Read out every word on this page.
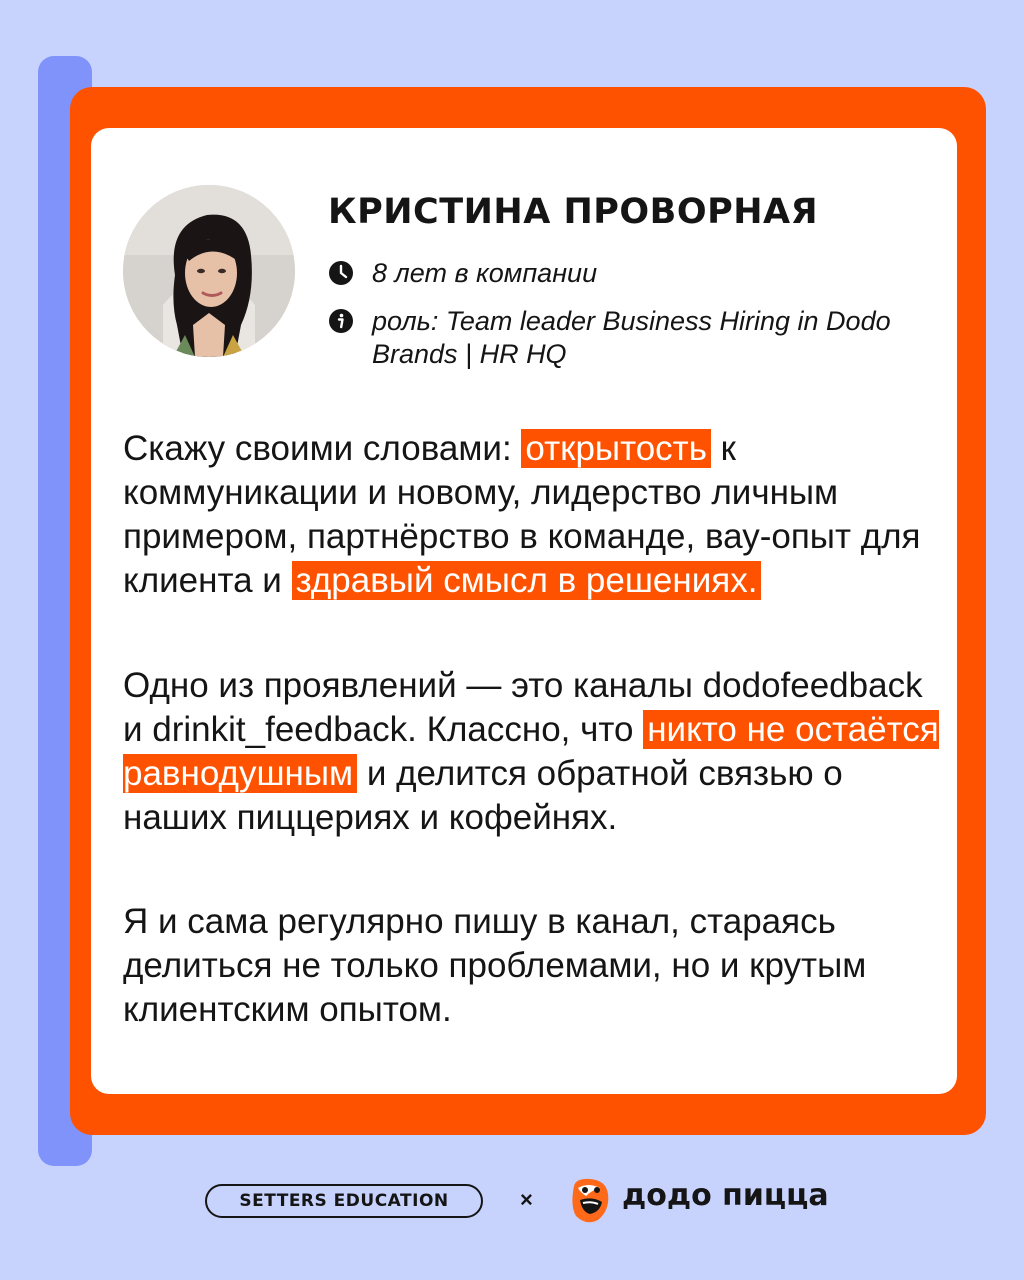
КРИСТИНА ПРОВОРНАЯ
8 лет в компании
роль: Team leader Business Hiring in Dodo Brands | HR HQ

Скажу своими словами: открытость к коммуникации и новому, лидерство личным примером, партнёрство в команде, вау-опыт для клиента и здравый смысл в решениях.

Одно из проявлений — это каналы dodofeedback и drinkit_feedback. Классно, что никто не остаётся равнодушным и делится обратной связью о наших пиццериях и кофейнях.

Я и сама регулярно пишу в канал, стараясь делиться не только проблемами, но и крутым клиентским опытом.

SETTERS EDUCATION	×	додо пицца
